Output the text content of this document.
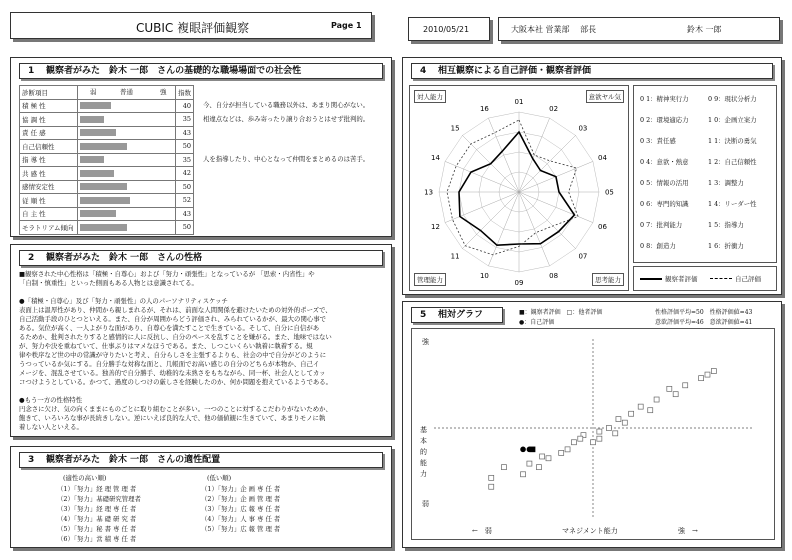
CUBIC 複眼評価観察	Page 1	2010/05/21	大阪本社 営業部　 部長	鈴木 一郎
1 観察者がみた　鈴木 一郎　さんの基礎的な職場場面での社会性
診断項目	弱 普通 強	指数
積 極 性		40
協 調 性		35
責 任 感		43
自己信頼性		50
指 導 性		35
共 感 性		42
感情安定性		50
従 順 性		52
自 主 性		43
モラトリアム傾向		50
今、自分が担当している職務以外は、あまり関心がない。
相違点などは、歩み寄ったり譲り合おうとはせず批判的。
人を指導したり、中心となって仲間をまとめるのは苦手。
2 観察者がみた　鈴木 一郎　さんの性格
■観察された中心性格は「積極・自尊心」および「努力・頑張性」となっているが 「思索・内省性」や
「自制・慎重性」といった側面もある人物とは意識されてる。
●「積極・自尊心」及び「努力・頑張性」の人のパーソナリティスケッチ
表面上は温厚性があり、仲間から親しまれるが、それは、前面な人間関係を避けたいための対外的ポーズで、
自己活動手段のひとつといえる。また、自分が周囲からどう評価され、みられているかが、最大の関心事で
ある。気位が高く、一人よがりな面があり、自尊心を満たすことで生きている。そして、自分に自信があ
るためか、批判されたりすると感情的に人に反抗し、自分のペースを乱すことを嫌がる。また、地味ではない
が、努力や決を重ねていて、仕事ぶりはマメなほうである。また、しつこいくらい執着に執着する。規
律や秩序など世の中の常識が守りたいと考え、自分らしさを主張するよりも、社会の中で自分がどのように
うつっているか気にする。自分勝手な対称な面と、几帳面でお高い感じの自分のどちらが本物か、自己イ
メージを、混乱させている。独善的で自分勝手、幼稚的な未熟さをもちながら、同一杯、社会人としてカッ
コつけようとしている。かつて、過度のしつけの厳しさを経験したのか、何か問題を抱えているようである。
●もう一方の性格特性
円念さに欠け、気の向くままにものごとに取り組むことが多い。一つのことに対するこだわりがないためか、
飽きて、いろいろな事が長続きしない。逆にいえば良的な人で、他の価値観に生きていて、あまりモノに執
着しない人といえる。
3 観察者がみた　鈴木 一郎　さんの適性配置
(適性の高い順)
（1）「努力」経 理 管 理 者
（2）「努力」基礎研究管理者
（3）「努力」経 理 専 任 者
（4）「努力」基 礎 研 究 者
（5）「努力」秘 書 専 任 者
（6）「努力」営 積 専 任 者
(低い順)
（1）「努力」企 画 専 任 者
（2）「努力」企 画 管 理 者
（3）「努力」広 報 専 任 者
（4）「努力」人 事 専 任 者
（5）「努力」広 報 管 理 者
4 相互観察による自己評価・観察者評価
01
02
03
04
05
06
07
08
09
10
11
12
13
14
15
16
対人能力	意欲ヤル気
管理能力	思考能力
0 1：精神実行力	0 9：現状分析力
0 2：環境適応力	1 0：企画立案力
0 3：責任感	1 1：決断の勇気
0 4：意欲・熱意	1 2：自己信頼性
0 5：情報の活用	1 3：調整力
0 6：専門的知識	1 4：リーダー性
0 7：批判能力	1 5：指導力
0 8：創造力	1 6：折衝力
観察者評価	自己評価
5 相対グラフ	■：観察者評価　□：他者評価
●：自己評価
性格評価平均=50　性格評価値=43
意欲評価平均=46　意欲評価値=41
強
基本的能力
弱
←　弱	マネジメント能力	強　→
